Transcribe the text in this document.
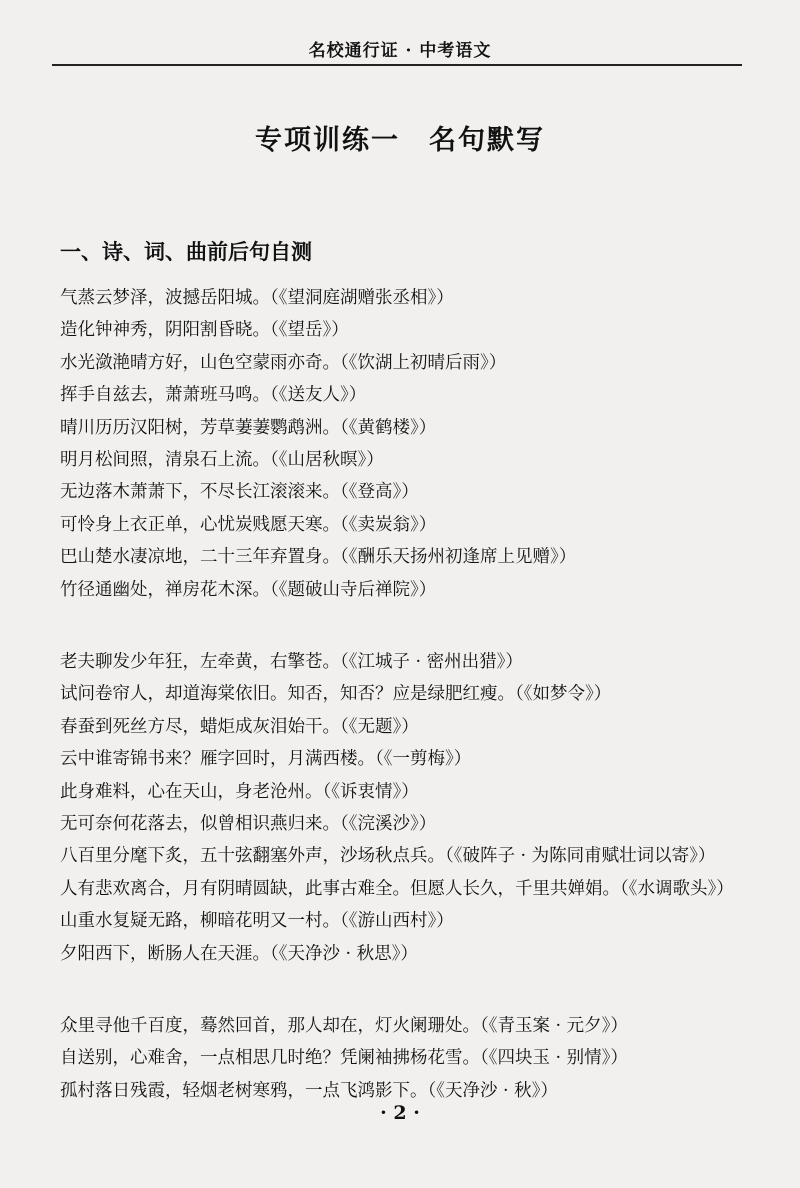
名校通行证 · 中考语文
专项训练一　名句默写
一、诗、词、曲前后句自测
气蒸云梦泽，波撼岳阳城。（《望洞庭湖赠张丞相》）
造化钟神秀，阴阳割昏晓。（《望岳》）
水光潋滟晴方好，山色空蒙雨亦奇。（《饮湖上初晴后雨》）
挥手自兹去，萧萧班马鸣。（《送友人》）
晴川历历汉阳树，芳草萋萋鹦鹉洲。（《黄鹤楼》）
明月松间照，清泉石上流。（《山居秋暝》）
无边落木萧萧下，不尽长江滚滚来。（《登高》）
可怜身上衣正单，心忧炭贱愿天寒。（《卖炭翁》）
巴山楚水凄凉地，二十三年弃置身。（《酬乐天扬州初逢席上见赠》）
竹径通幽处，禅房花木深。（《题破山寺后禅院》）
老夫聊发少年狂，左牵黄，右擎苍。（《江城子 · 密州出猎》）
试问卷帘人，却道海棠依旧。知否，知否？应是绿肥红瘦。（《如梦令》）
春蚕到死丝方尽，蜡炬成灰泪始干。（《无题》）
云中谁寄锦书来？雁字回时，月满西楼。（《一剪梅》）
此身难料，心在天山，身老沧州。（《诉衷情》）
无可奈何花落去，似曾相识燕归来。（《浣溪沙》）
八百里分麾下炙，五十弦翻塞外声，沙场秋点兵。（《破阵子 · 为陈同甫赋壮词以寄》）
人有悲欢离合，月有阴晴圆缺，此事古难全。但愿人长久，千里共婵娟。（《水调歌头》）
山重水复疑无路，柳暗花明又一村。（《游山西村》）
夕阳西下，断肠人在天涯。（《天净沙 · 秋思》）
众里寻他千百度，蓦然回首，那人却在，灯火阑珊处。（《青玉案 · 元夕》）
自送别，心难舍，一点相思几时绝？凭阑袖拂杨花雪。（《四块玉 · 别情》）
孤村落日残霞，轻烟老树寒鸦，一点飞鸿影下。（《天净沙 · 秋》）
· 2 ·
